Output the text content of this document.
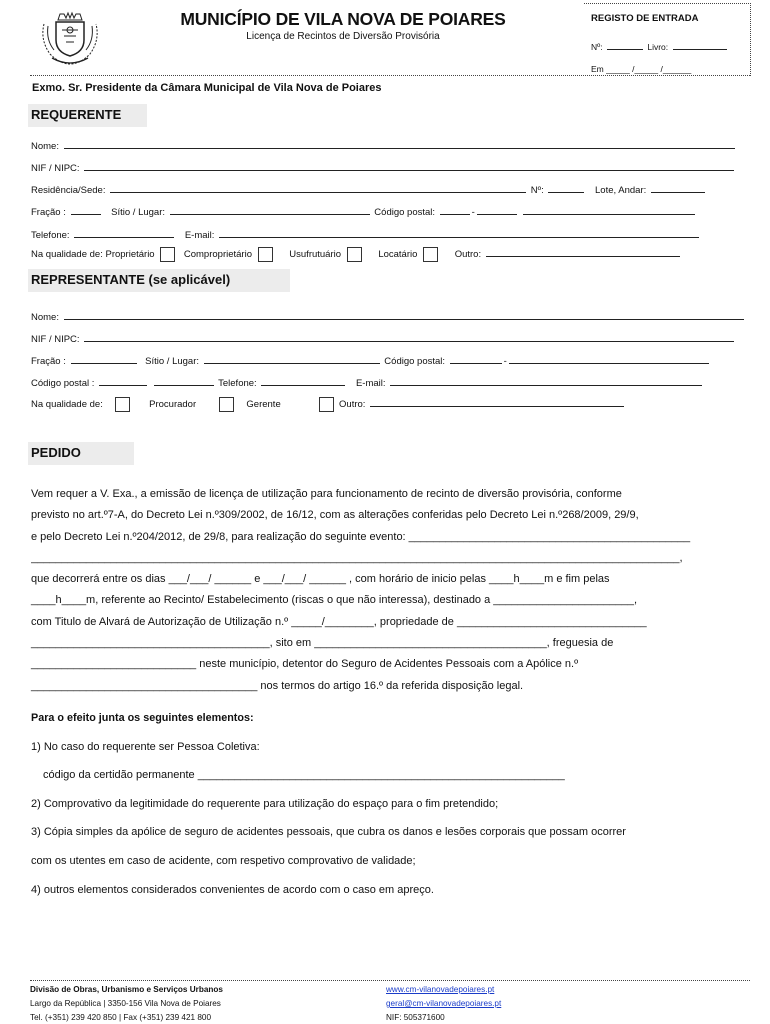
MUNICÍPIO DE VILA NOVA DE POIARES
Licença de Recintos de Diversão Provisória
REGISTO DE ENTRADA
Nº:	Livro:
Em _____ /_____ /______
Exmo. Sr. Presidente da Câmara Municipal de Vila Nova de Poiares
REQUERENTE
Nome:
NIF / NIPC:
Residência/Sede:	Nº:	Lote, Andar:
Fração :	Sítio / Lugar:	Código postal:	-
Telefone:	E-mail:
Na qualidade de: Proprietário	Comproprietário	Usufrutuário	Locatário	Outro:
REPRESENTANTE (se aplicável)
Nome:
NIF / NIPC:
Fração :	Sítio / Lugar:	Código postal:	-
Código postal :	Telefone:	E-mail:
Na qualidade de:	Procurador	Gerente	Outro:
PEDIDO
Vem requer a V. Exa., a emissão de licença de utilização para funcionamento de recinto de diversão provisória, conforme
previsto no art.º7-A, do Decreto Lei n.º309/2002, de 16/12, com as alterações conferidas pelo Decreto Lei n.º268/2009, 29/9,
e pelo Decreto Lei n.º204/2012, de 29/8, para realização do seguinte evento: ______________________________________________
__________________________________________________________________________________________________________,
que decorrerá entre os dias ___/___/ ______ e ___/___/ ______ , com horário de inicio pelas ____h____m e fim pelas
____h____m, referente ao Recinto/ Estabelecimento (riscas o que não interessa), destinado a _______________________,
com Titulo de Alvará de Autorização de Utilização n.º _____/________, propriedade de _______________________________
_______________________________________, sito em ______________________________________, freguesia de
___________________________ neste município, detentor do Seguro de Acidentes Pessoais com a Apólice n.º
_____________________________________ nos termos do artigo 16.º da referida disposição legal.
Para o efeito junta os seguintes elementos:
1) No caso do requerente ser Pessoa Coletiva:
código da certidão permanente ____________________________________________________________
2) Comprovativo da legitimidade do requerente para utilização do espaço para o fim pretendido;
3) Cópia simples da apólice de seguro de acidentes pessoais, que cubra os danos e lesões corporais que possam ocorrer
com os utentes em caso de acidente, com respetivo comprovativo de validade;
4) outros elementos considerados convenientes de acordo com o caso em apreço.
Divisão de Obras, Urbanismo e Serviços Urbanos
Largo da República | 3350-156 Vila Nova de Poiares
Tel. (+351) 239 420 850 | Fax (+351) 239 421 800
www.cm-vilanovadepoiares.pt
geral@cm-vilanovadepoiares.pt
NIF: 505371600
